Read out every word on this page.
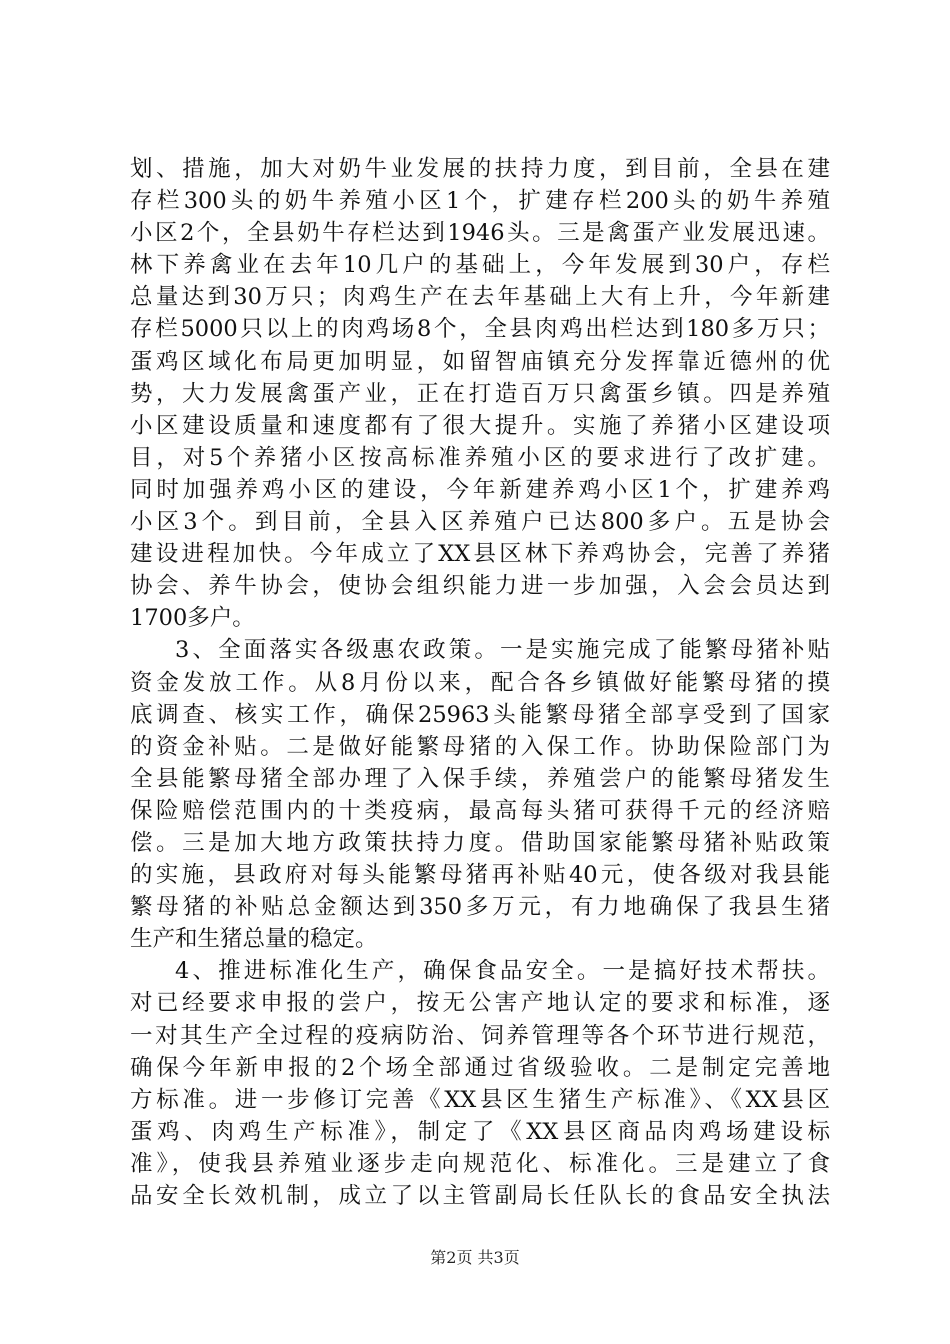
划、措施，加大对奶牛业发展的扶持力度，到目前，全县在建
存栏300头的奶牛养殖小区1个，扩建存栏200头的奶牛养殖
小区2个，全县奶牛存栏达到1946头。三是禽蛋产业发展迅速。
林下养禽业在去年10几户的基础上，今年发展到30户，存栏
总量达到30万只；肉鸡生产在去年基础上大有上升，今年新建
存栏5000只以上的肉鸡场8个，全县肉鸡出栏达到180多万只；
蛋鸡区域化布局更加明显，如留智庙镇充分发挥靠近德州的优
势，大力发展禽蛋产业，正在打造百万只禽蛋乡镇。四是养殖
小区建设质量和速度都有了很大提升。实施了养猪小区建设项
目，对5个养猪小区按高标准养殖小区的要求进行了改扩建。
同时加强养鸡小区的建设，今年新建养鸡小区1个，扩建养鸡
小区3个。到目前，全县入区养殖户已达800多户。五是协会
建设进程加快。今年成立了XX县区林下养鸡协会，完善了养猪
协会、养牛协会，使协会组织能力进一步加强，入会会员达到
1700多户。
3、全面落实各级惠农政策。一是实施完成了能繁母猪补贴
资金发放工作。从8月份以来，配合各乡镇做好能繁母猪的摸
底调查、核实工作，确保25963头能繁母猪全部享受到了国家
的资金补贴。二是做好能繁母猪的入保工作。协助保险部门为
全县能繁母猪全部办理了入保手续，养殖尝户的能繁母猪发生
保险赔偿范围内的十类疫病，最高每头猪可获得千元的经济赔
偿。三是加大地方政策扶持力度。借助国家能繁母猪补贴政策
的实施，县政府对每头能繁母猪再补贴40元，使各级对我县能
繁母猪的补贴总金额达到350多万元，有力地确保了我县生猪
生产和生猪总量的稳定。
4、推进标准化生产，确保食品安全。一是搞好技术帮扶。
对已经要求申报的尝户，按无公害产地认定的要求和标准，逐
一对其生产全过程的疫病防治、饲养管理等各个环节进行规范，
确保今年新申报的2个场全部通过省级验收。二是制定完善地
方标准。进一步修订完善《XX县区生猪生产标准》、《XX县区
蛋鸡、肉鸡生产标准》，制定了《XX县区商品肉鸡场建设标
准》，使我县养殖业逐步走向规范化、标准化。三是建立了食
品安全长效机制，成立了以主管副局长任队长的食品安全执法
第2页 共3页
